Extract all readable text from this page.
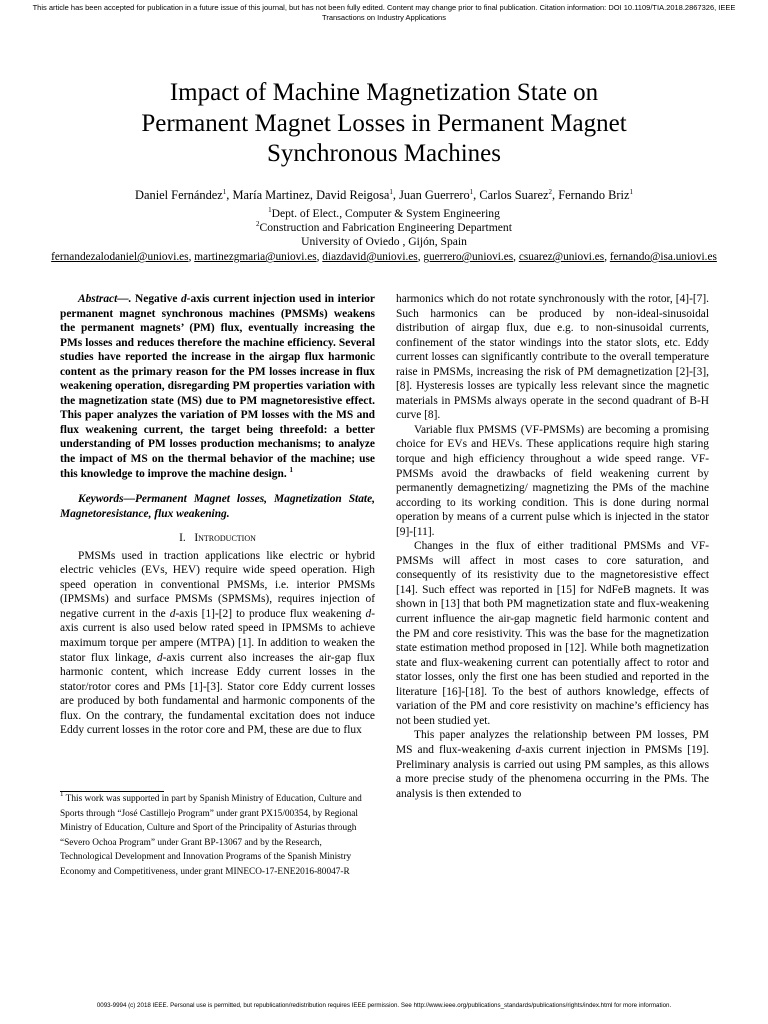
This article has been accepted for publication in a future issue of this journal, but has not been fully edited. Content may change prior to final publication. Citation information: DOI 10.1109/TIA.2018.2867326, IEEE
Transactions on Industry Applications
Impact of Machine Magnetization State on
Permanent Magnet Losses in Permanent Magnet
Synchronous Machines
Daniel Fernández$^1$, María Martinez, David Reigosa$^1$, Juan Guerrero$^1$, Carlos Suarez$^2$, Fernando Briz$^1$
$^1$Dept. of Elect., Computer & System Engineering
$^2$Construction and Fabrication Engineering Department
University of Oviedo , Gijón, Spain
fernandezalodaniel@uniovi.es, martinezgmaria@uniovi.es, diazdavid@uniovi.es, guerrero@uniovi.es, csuarez@uniovi.es, fernando@isa.uniovi.es

Abstract—. Negative d-axis current injection used in interior permanent magnet synchronous machines (PMSMs) weakens the permanent magnets’ (PM) flux, eventually increasing the PMs losses and reduces therefore the machine efficiency. Several studies have reported the increase in the airgap flux harmonic content as the primary reason for the PM losses increase in flux weakening operation, disregarding PM properties variation with the magnetization state (MS) due to PM magnetoresistive effect. This paper analyzes the variation of PM losses with the MS and flux weakening current, the target being threefold: a better understanding of PM losses production mechanisms; to analyze the impact of MS on the thermal behavior of the machine; use this knowledge to improve the machine design. $^1$

Keywords—Permanent Magnet losses, Magnetization State, Magnetoresistance, flux weakening.

I. Introduction

PMSMs used in traction applications like electric or hybrid electric vehicles (EVs, HEV) require wide speed operation. High speed operation in conventional PMSMs, i.e. interior PMSMs (IPMSMs) and surface PMSMs (SPMSMs), requires injection of negative current in the d-axis [1]-[2] to produce flux weakening d-axis current is also used below rated speed in IPMSMs to achieve maximum torque per ampere (MTPA) [1]. In addition to weaken the stator flux linkage, d-axis current also increases the air-gap flux harmonic content, which increase Eddy current losses in the stator/rotor cores and PMs [1]-[3]. Stator core Eddy current losses are produced by both fundamental and harmonic components of the flux. On the contrary, the fundamental excitation does not induce Eddy current losses in the rotor core and PM, these are due to flux

$^1$ This work was supported in part by Spanish Ministry of Education, Culture and Sports through “José Castillejo Program” under grant PX15/00354, by Regional Ministry of Education, Culture and Sport of the Principality of Asturias through “Severo Ochoa Program” under Grant BP-13067 and by the Research, Technological Development and Innovation Programs of the Spanish Ministry Economy and Competitiveness, under grant MINECO-17-ENE2016-80047-R

harmonics which do not rotate synchronously with the rotor, [4]-[7]. Such harmonics can be produced by non-ideal-sinusoidal distribution of airgap flux, due e.g. to non-sinusoidal currents, confinement of the stator windings into the stator slots, etc. Eddy current losses can significantly contribute to the overall temperature raise in PMSMs, increasing the risk of PM demagnetization [2]-[3],[8]. Hysteresis losses are typically less relevant since the magnetic materials in PMSMs always operate in the second quadrant of B-H curve [8].

Variable flux PMSMS (VF-PMSMs) are becoming a promising choice for EVs and HEVs. These applications require high staring torque and high efficiency throughout a wide speed range. VF-PMSMs avoid the drawbacks of field weakening current by permanently demagnetizing/ magnetizing the PMs of the machine according to its working condition. This is done during normal operation by means of a current pulse which is injected in the stator [9]-[11].

Changes in the flux of either traditional PMSMs and VF-PMSMs will affect in most cases to core saturation, and consequently of its resistivity due to the magnetoresistive effect [14]. Such effect was reported in [15] for NdFeB magnets. It was shown in [13] that both PM magnetization state and flux-weakening current influence the air-gap magnetic field harmonic content and the PM and core resistivity. This was the base for the magnetization state estimation method proposed in [12]. While both magnetization state and flux-weakening current can potentially affect to rotor and stator losses, only the first one has been studied and reported in the literature [16]-[18]. To the best of authors knowledge, effects of variation of the PM and core resistivity on machine’s efficiency has not been studied yet.

This paper analyzes the relationship between PM losses, PM MS and flux-weakening d-axis current injection in PMSMs [19]. Preliminary analysis is carried out using PM samples, as this allows a more precise study of the phenomena occurring in the PMs. The analysis is then extended to

0093-9994 (c) 2018 IEEE. Personal use is permitted, but republication/redistribution requires IEEE permission. See http://www.ieee.org/publications_standards/publications/rights/index.html for more information.
